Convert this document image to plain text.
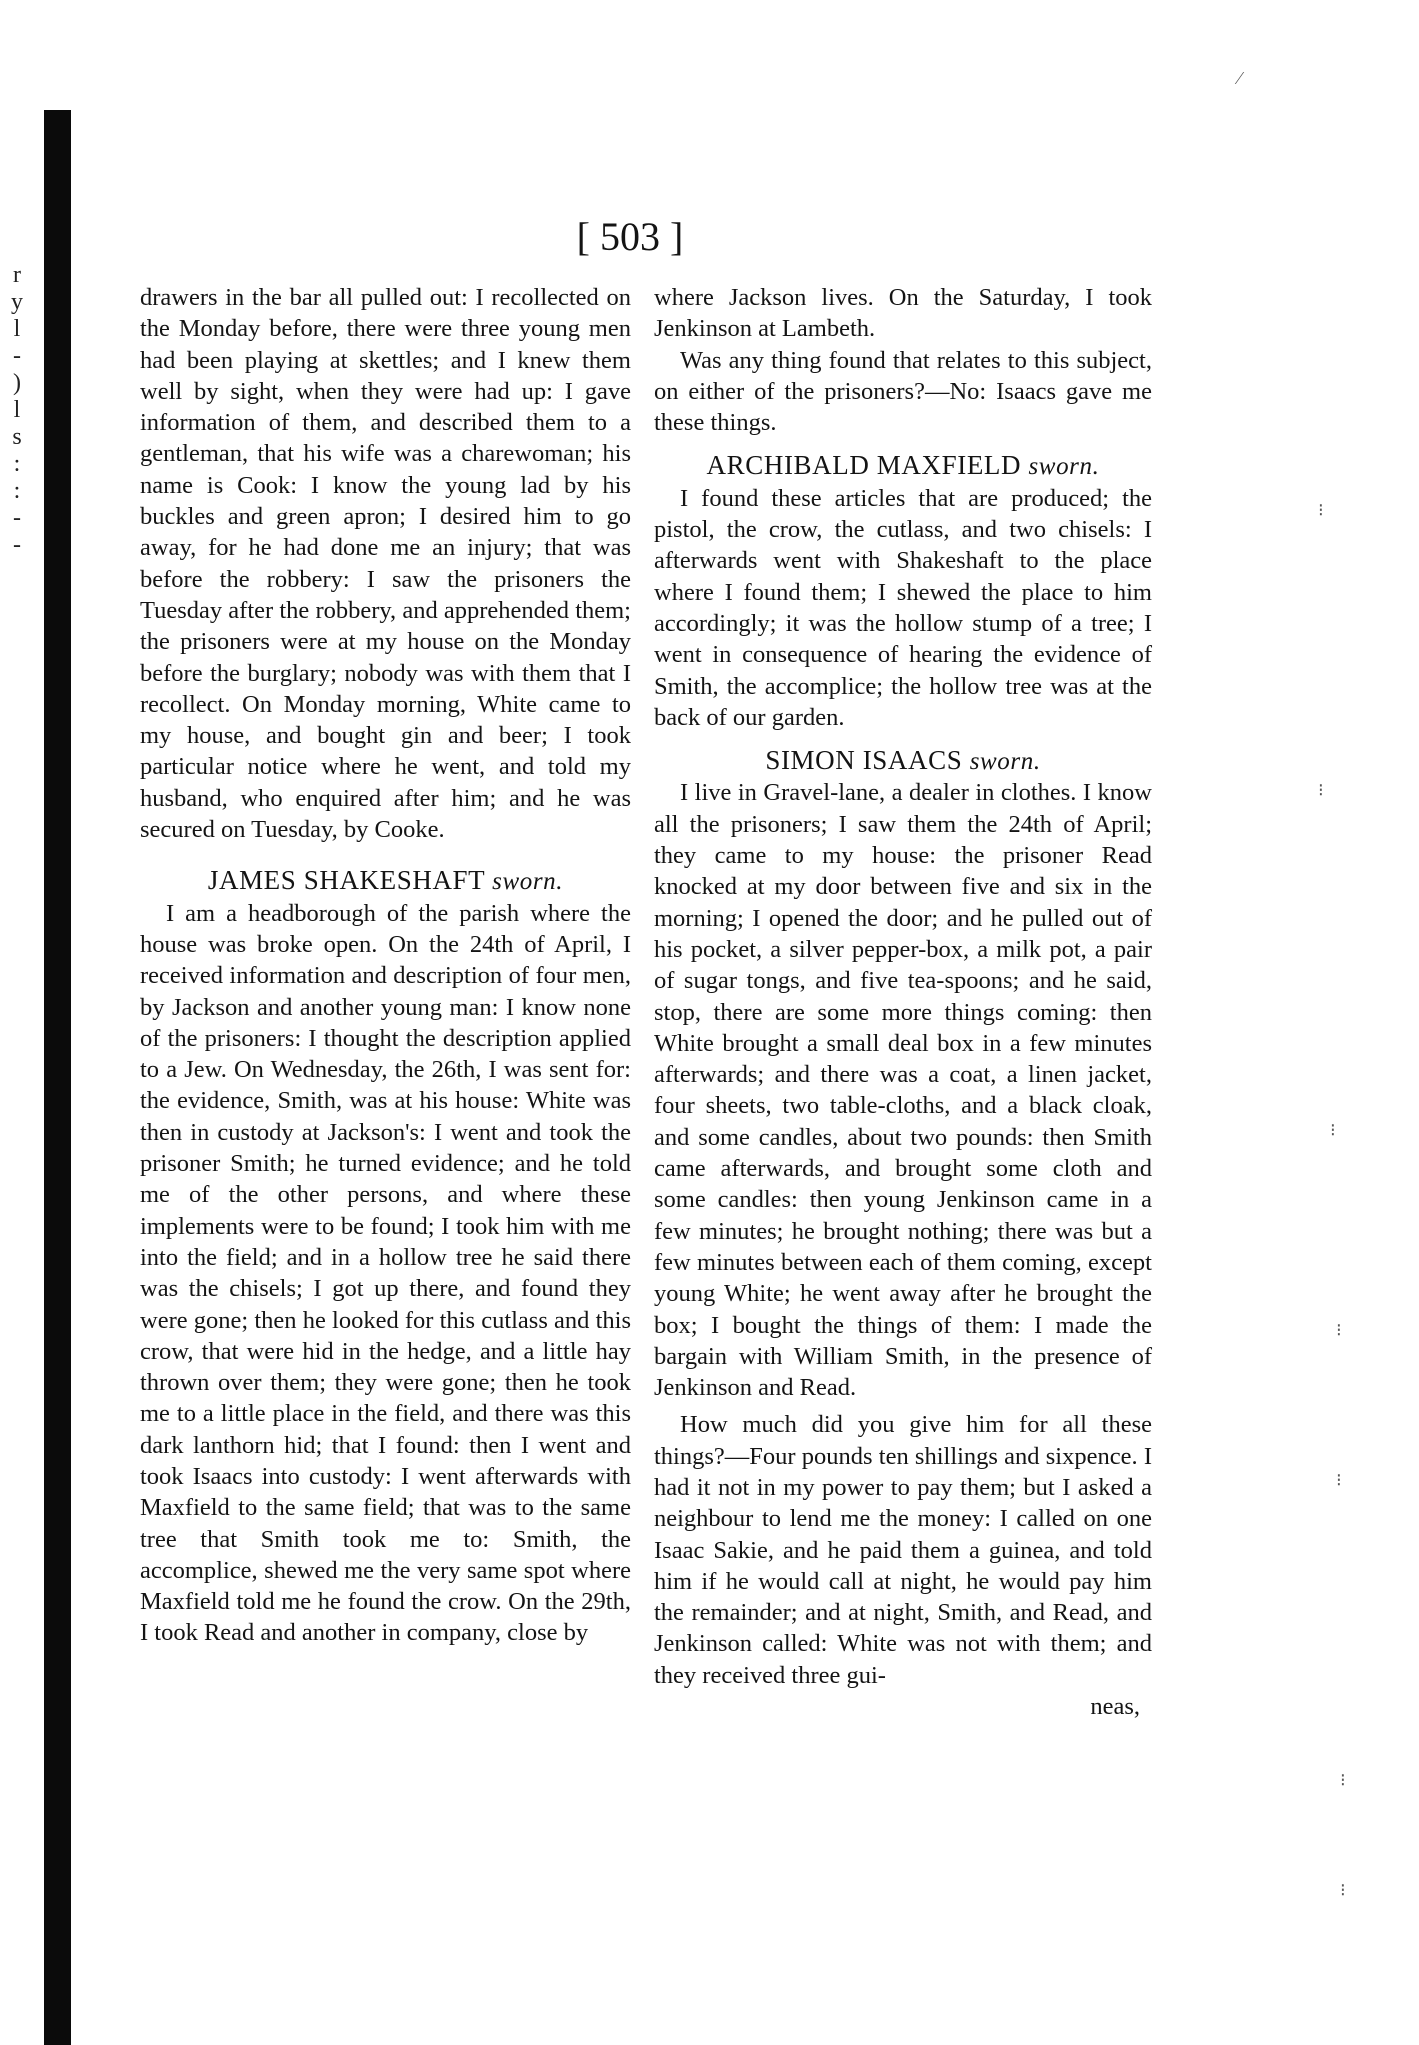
r
y
l
-
)
l
s
:
:
-
-
⁄
⁝
⁝
⁝
⁝
⁝
⁝
⁝
[ 503 ]

drawers in the bar all pulled out: I recollected on the Monday before, there were three young men had been playing at skettles; and I knew them well by sight, when they were had up: I gave information of them, and described them to a gentleman, that his wife was a charewoman; his name is Cook: I know the young lad by his buckles and green apron; I desired him to go away, for he had done me an injury; that was before the robbery: I saw the prisoners the Tuesday after the robbery, and apprehended them; the prisoners were at my house on the Monday before the burglary; nobody was with them that I recollect. On Monday morning, White came to my house, and bought gin and beer; I took particular notice where he went, and told my husband, who enquired after him; and he was secured on Tuesday, by Cooke.

JAMES SHAKESHAFT sworn.

I am a headborough of the parish where the house was broke open. On the 24th of April, I received information and description of four men, by Jackson and another young man: I know none of the prisoners: I thought the description applied to a Jew. On Wednesday, the 26th, I was sent for: the evidence, Smith, was at his house: White was then in custody at Jackson's: I went and took the prisoner Smith; he turned evidence; and he told me of the other persons, and where these implements were to be found; I took him with me into the field; and in a hollow tree he said there was the chisels; I got up there, and found they were gone; then he looked for this cutlass and this crow, that were hid in the hedge, and a little hay thrown over them; they were gone; then he took me to a little place in the field, and there was this dark lanthorn hid; that I found: then I went and took Isaacs into custody: I went afterwards with Maxfield to the same field; that was to the same tree that Smith took me to: Smith, the accomplice, shewed me the very same spot where Maxfield told me he found the crow. On the 29th, I took Read and another in company, close by

where Jackson lives. On the Saturday, I took Jenkinson at Lambeth.

Was any thing found that relates to this subject, on either of the prisoners?—No: Isaacs gave me these things.

ARCHIBALD MAXFIELD sworn.

I found these articles that are produced; the pistol, the crow, the cutlass, and two chisels: I afterwards went with Shakeshaft to the place where I found them; I shewed the place to him accordingly; it was the hollow stump of a tree; I went in consequence of hearing the evidence of Smith, the accomplice; the hollow tree was at the back of our garden.

SIMON ISAACS sworn.

I live in Gravel-lane, a dealer in clothes. I know all the prisoners; I saw them the 24th of April; they came to my house: the prisoner Read knocked at my door between five and six in the morning; I opened the door; and he pulled out of his pocket, a silver pepper-box, a milk pot, a pair of sugar tongs, and five tea-spoons; and he said, stop, there are some more things coming: then White brought a small deal box in a few minutes afterwards; and there was a coat, a linen jacket, four sheets, two table-cloths, and a black cloak, and some candles, about two pounds: then Smith came afterwards, and brought some cloth and some candles: then young Jenkinson came in a few minutes; he brought nothing; there was but a few minutes between each of them coming, except young White; he went away after he brought the box; I bought the things of them: I made the bargain with William Smith, in the presence of Jenkinson and Read.

How much did you give him for all these things?—Four pounds ten shillings and sixpence. I had it not in my power to pay them; but I asked a neighbour to lend me the money: I called on one Isaac Sakie, and he paid them a guinea, and told him if he would call at night, he would pay him the remainder; and at night, Smith, and Read, and Jenkinson called: White was not with them; and they received three gui-

neas,
